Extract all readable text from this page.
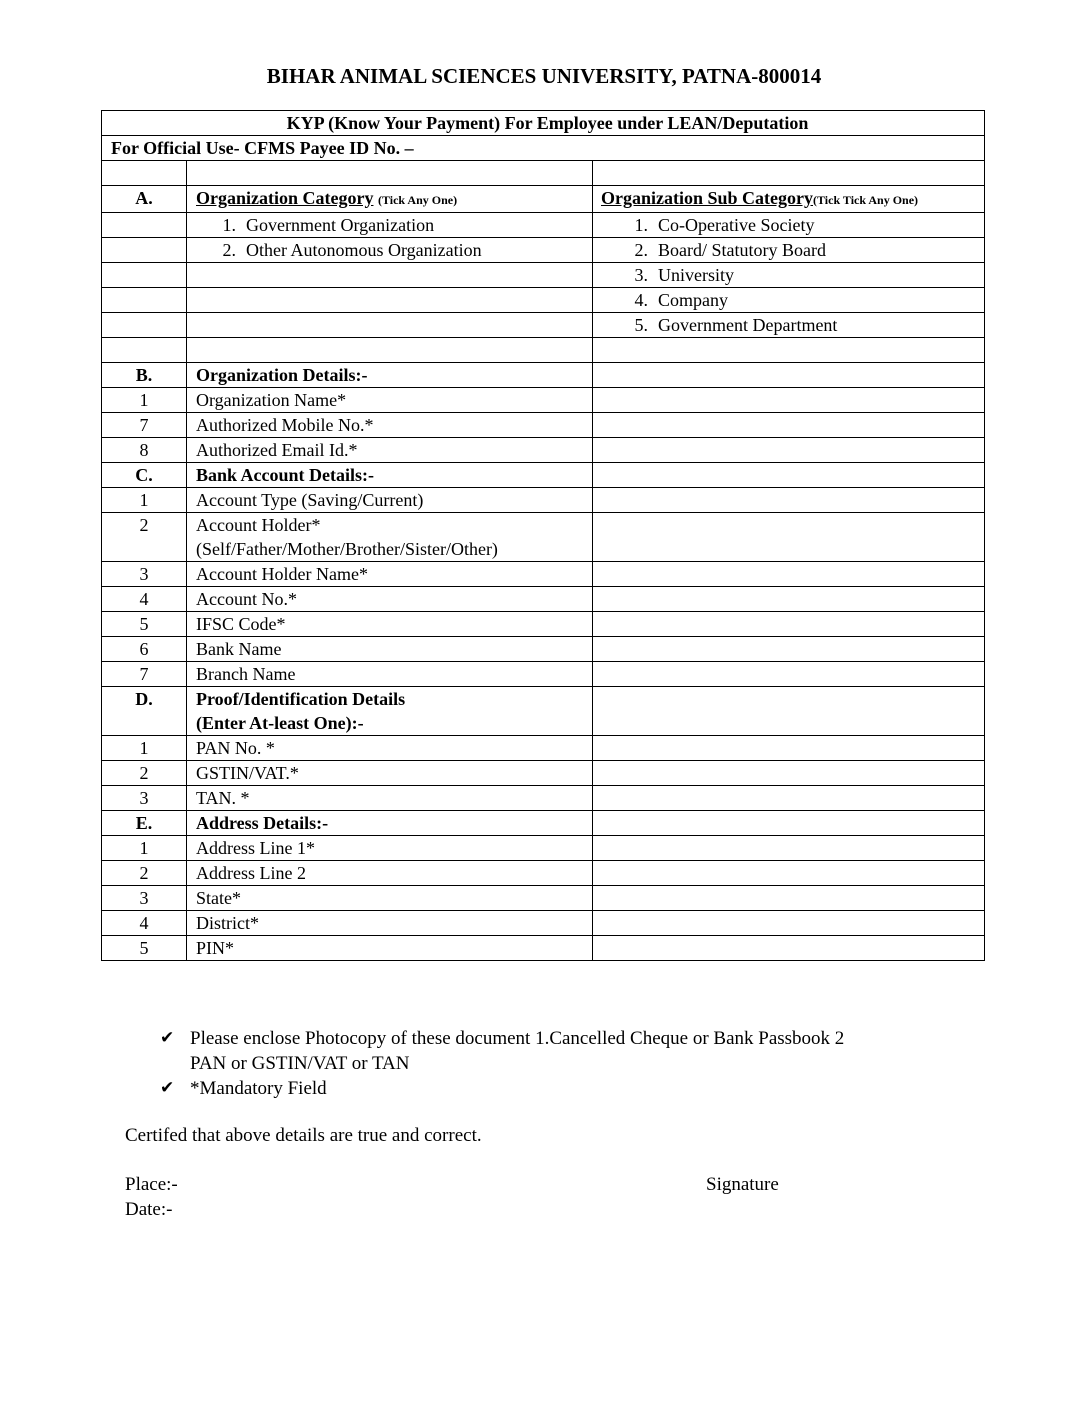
BIHAR ANIMAL SCIENCES UNIVERSITY, PATNA-800014
KYP (Know Your Payment) For Employee under LEAN/Deputation		
For Official Use- CFMS Payee ID No. –		

A.	Organization Category (Tick Any One)	Organization Sub Category(Tick Tick Any One)
	1. Government Organization	1. Co-Operative Society
	2. Other Autonomous Organization	2. Board/ Statutory Board
		3. University
		4. Company
		5. Government Department

B.	Organization Details:-	
1	Organization Name*	
7	Authorized Mobile No.*	
8	Authorized Email Id.*	
C.	Bank Account Details:-	
1	Account Type (Saving/Current)	
2	Account Holder*
(Self/Father/Mother/Brother/Sister/Other)	

3	Account Holder Name*	
4	Account No.*	
5	IFSC Code*	
6	Bank Name	
7	Branch Name	
D.	Proof/Identification Details
(Enter At-least One):-	

1	PAN No. *	
2	GSTIN/VAT.*	
3	TAN. *	
E.	Address Details:-	
1	Address Line 1*	
2	Address Line 2	
3	State*	
4	District*	
5	PIN*	
✔ Please enclose Photocopy of these document 1.Cancelled Cheque or Bank Passbook 2
PAN or GSTIN/VAT or TAN
✔ *Mandatory Field
Certifed that above details are true and correct.
Place:-
Date:-
Signature
